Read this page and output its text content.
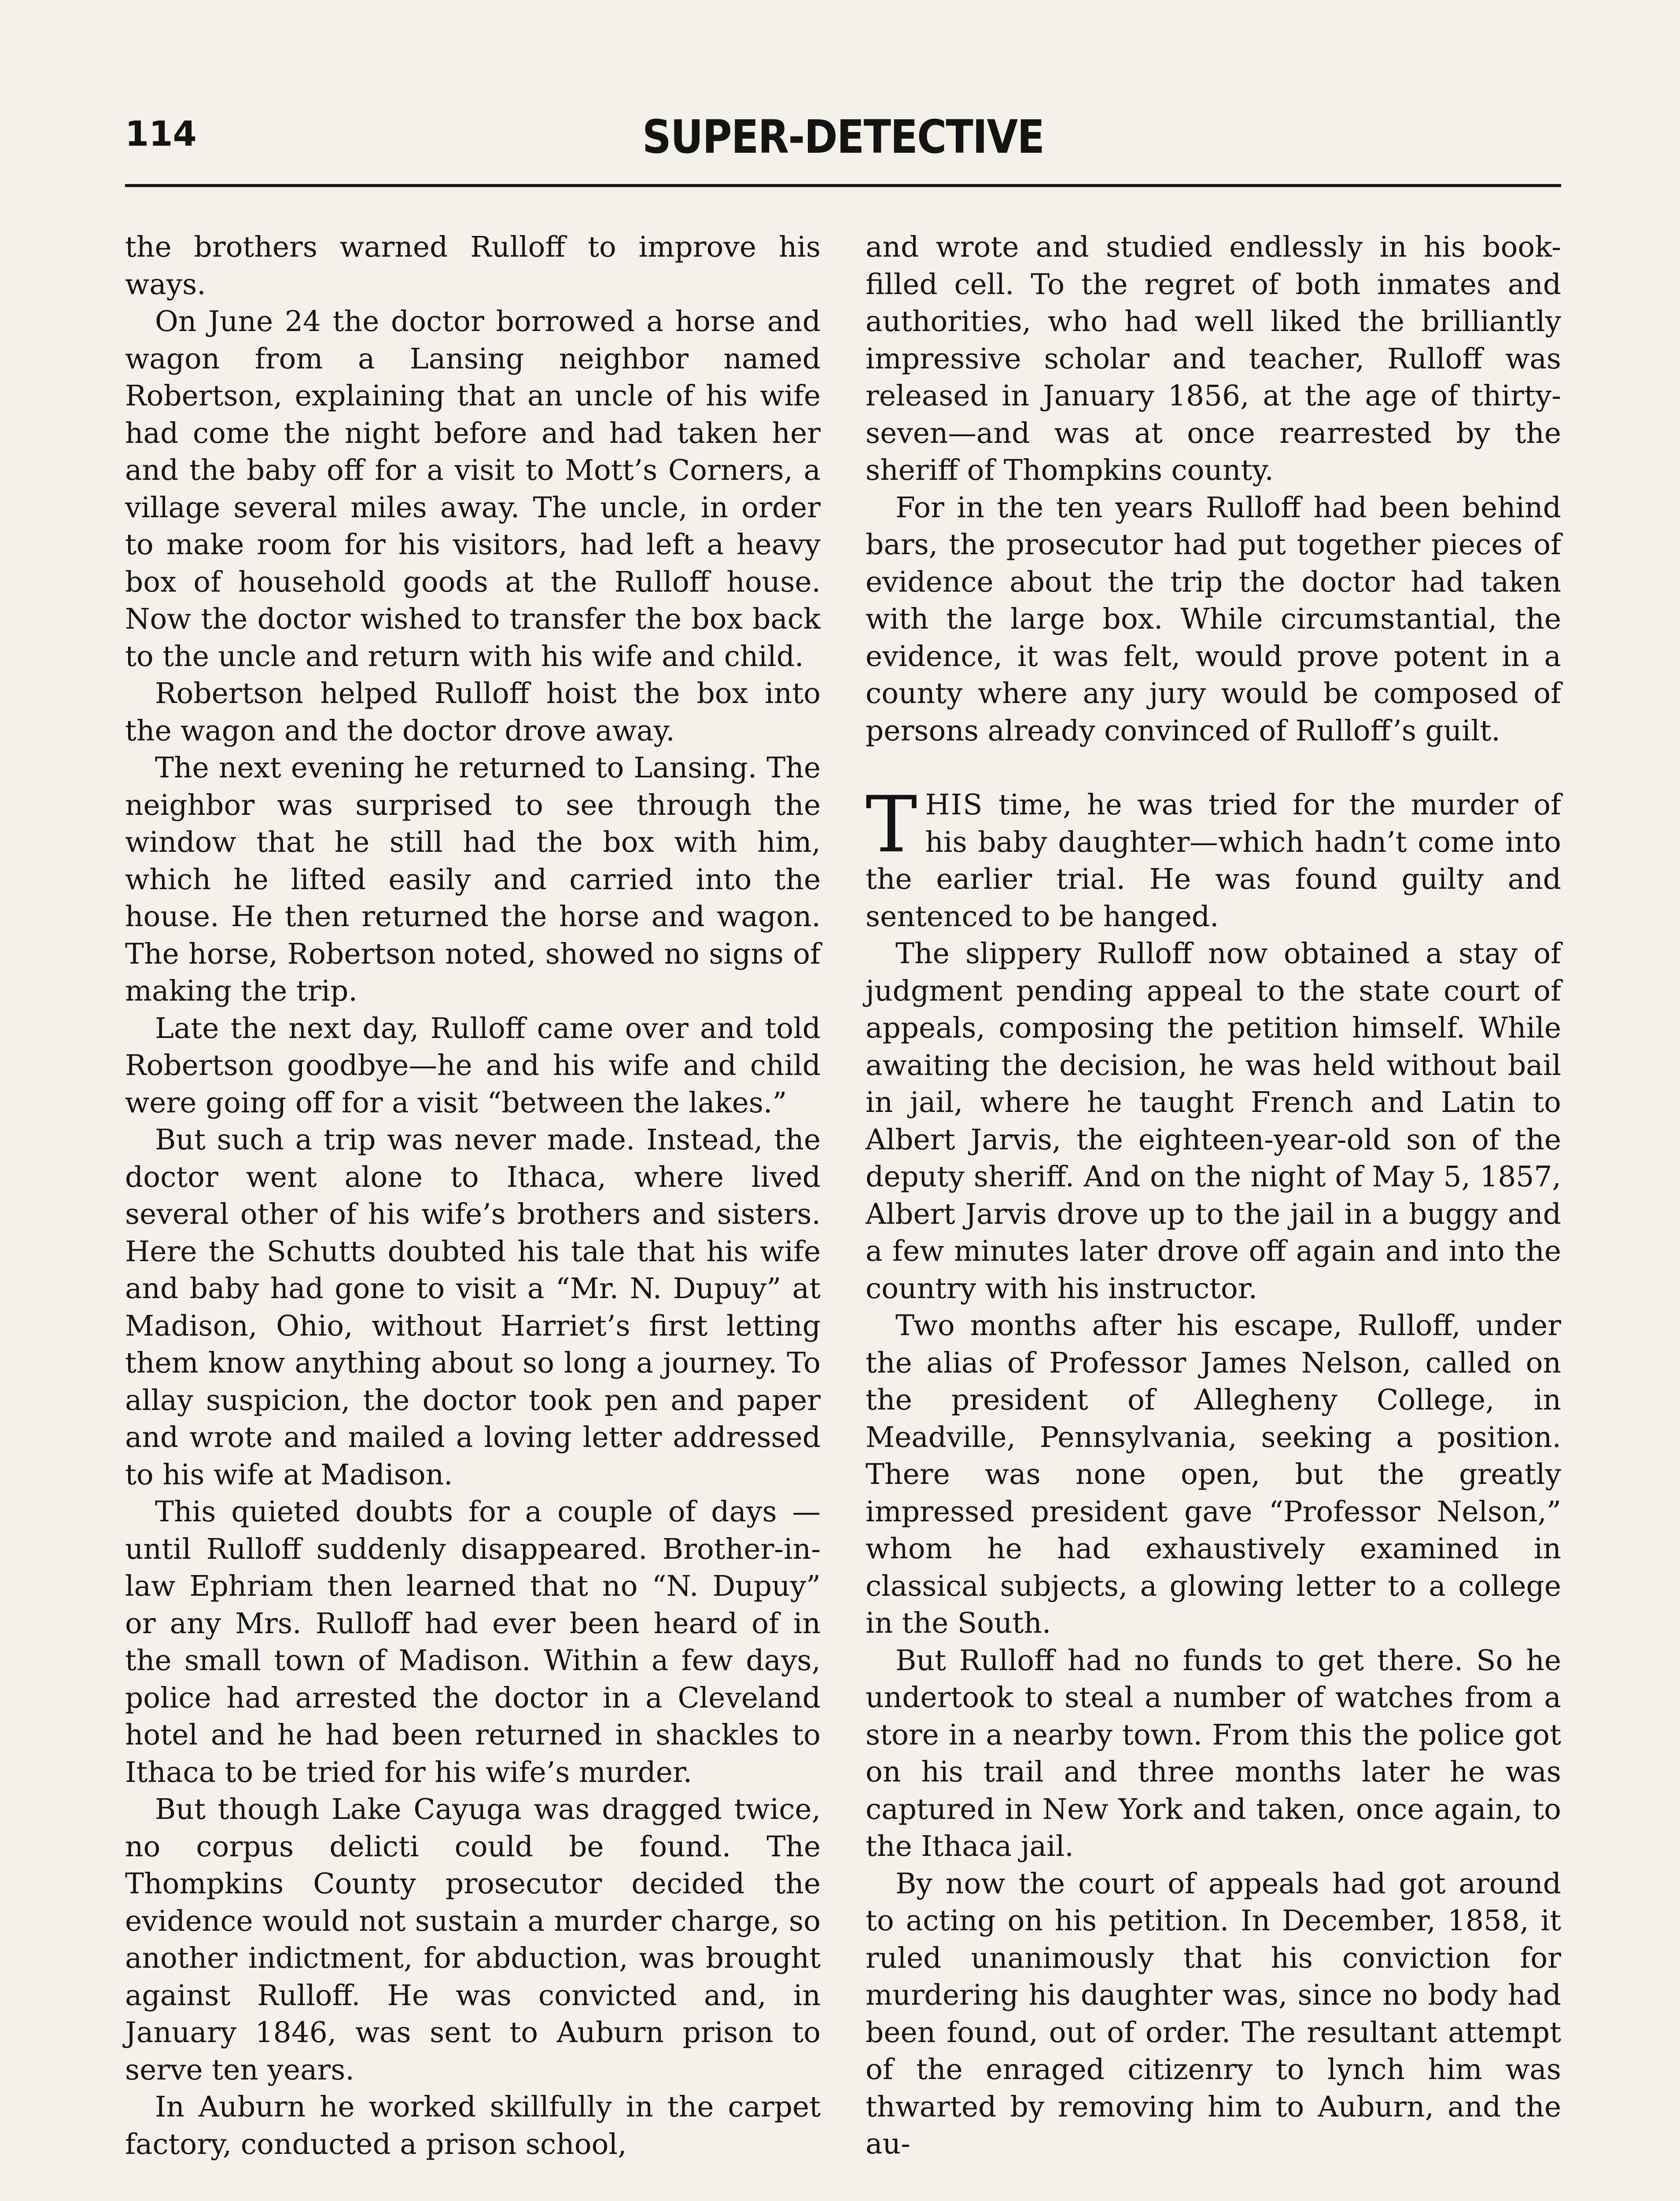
114	SUPER-DETECTIVE

the brothers warned Rulloff to improve his ways.

On June 24 the doctor borrowed a horse and wagon from a Lansing neighbor named Robertson, explaining that an uncle of his wife had come the night before and had taken her and the baby off for a visit to Mott’s Corners, a village several miles away. The uncle, in order to make room for his visitors, had left a heavy box of household goods at the Rulloff house. Now the doctor wished to transfer the box back to the uncle and return with his wife and child.

Robertson helped Rulloff hoist the box into the wagon and the doctor drove away.

The next evening he returned to Lansing. The neighbor was surprised to see through the window that he still had the box with him, which he lifted easily and carried into the house. He then returned the horse and wagon. The horse, Robertson noted, showed no signs of making the trip.

Late the next day, Rulloff came over and told Robertson goodbye—he and his wife and child were going off for a visit “between the lakes.”

But such a trip was never made. Instead, the doctor went alone to Ithaca, where lived several other of his wife’s brothers and sisters. Here the Schutts doubted his tale that his wife and baby had gone to visit a “Mr. N. Dupuy” at Madison, Ohio, without Harriet’s first letting them know anything about so long a journey. To allay suspicion, the doctor took pen and paper and wrote and mailed a loving letter addressed to his wife at Madison.

This quieted doubts for a couple of days —until Rulloff suddenly disappeared. Brother-in-law Ephriam then learned that no “N. Dupuy” or any Mrs. Rulloff had ever been heard of in the small town of Madison. Within a few days, police had arrested the doctor in a Cleveland hotel and he had been returned in shackles to Ithaca to be tried for his wife’s murder.

But though Lake Cayuga was dragged twice, no corpus delicti could be found. The Thompkins County prosecutor decided the evidence would not sustain a murder charge, so another indictment, for abduction, was brought against Rulloff. He was convicted and, in January 1846, was sent to Auburn prison to serve ten years.

In Auburn he worked skillfully in the carpet factory, conducted a prison school,

and wrote and studied endlessly in his book-filled cell. To the regret of both inmates and authorities, who had well liked the brilliantly impressive scholar and teacher, Rulloff was released in January 1856, at the age of thirty-seven—and was at once rearrested by the sheriff of Thompkins county.

For in the ten years Rulloff had been behind bars, the prosecutor had put together pieces of evidence about the trip the doctor had taken with the large box. While circumstantial, the evidence, it was felt, would prove potent in a county where any jury would be composed of persons already convinced of Rulloff’s guilt.

THIS time, he was tried for the murder of his baby daughter—which hadn’t come into the earlier trial. He was found guilty and sentenced to be hanged.

The slippery Rulloff now obtained a stay of judgment pending appeal to the state court of appeals, composing the petition himself. While awaiting the decision, he was held without bail in jail, where he taught French and Latin to Albert Jarvis, the eighteen-year-old son of the deputy sheriff. And on the night of May 5, 1857, Albert Jarvis drove up to the jail in a buggy and a few minutes later drove off again and into the country with his instructor.

Two months after his escape, Rulloff, under the alias of Professor James Nelson, called on the president of Allegheny College, in Meadville, Pennsylvania, seeking a position. There was none open, but the greatly impressed president gave “Professor Nelson,” whom he had exhaustively examined in classical subjects, a glowing letter to a college in the South.

But Rulloff had no funds to get there. So he undertook to steal a number of watches from a store in a nearby town. From this the police got on his trail and three months later he was captured in New York and taken, once again, to the Ithaca jail.

By now the court of appeals had got around to acting on his petition. In December, 1858, it ruled unanimously that his conviction for murdering his daughter was, since no body had been found, out of order. The resultant attempt of the enraged citizenry to lynch him was thwarted by removing him to Auburn, and the au-
